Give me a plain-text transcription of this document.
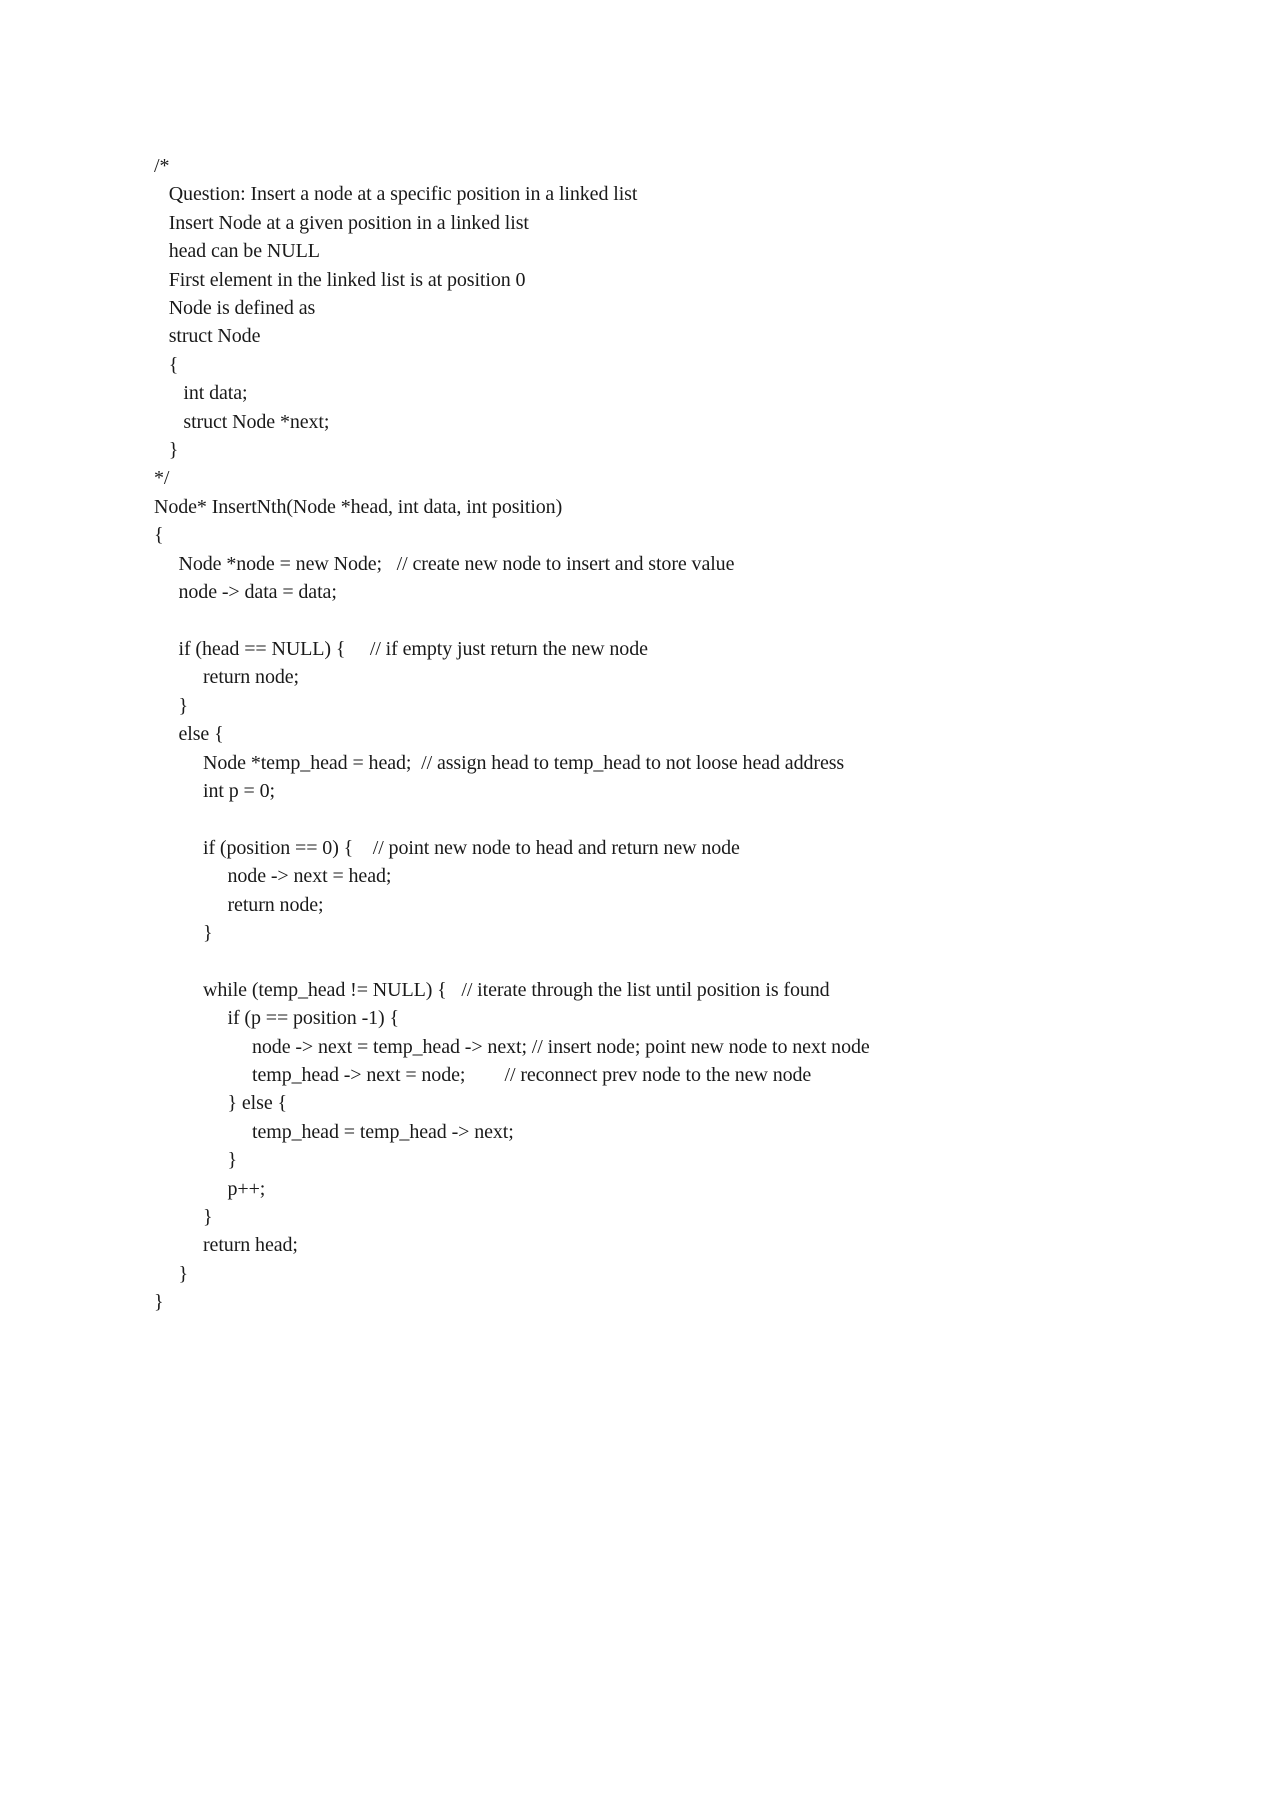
/*
Question: Insert a node at a specific position in a linked list
Insert Node at a given position in a linked list
head can be NULL
First element in the linked list is at position 0
Node is defined as
struct Node
{
int data;
struct Node *next;
}
*/
Node* InsertNth(Node *head, int data, int position)
{
Node *node = new Node;   // create new node to insert and store value
node -> data = data;

if (head == NULL) {     // if empty just return the new node
return node;
}
else {
Node *temp_head = head;  // assign head to temp_head to not loose head address
int p = 0;

if (position == 0) {    // point new node to head and return new node
node -> next = head;
return node;
}

while (temp_head != NULL) {   // iterate through the list until position is found
if (p == position -1) {
node -> next = temp_head -> next; // insert node; point new node to next node
temp_head -> next = node;        // reconnect prev node to the new node
} else {
temp_head = temp_head -> next;
}
p++;
}
return head;
}
}
